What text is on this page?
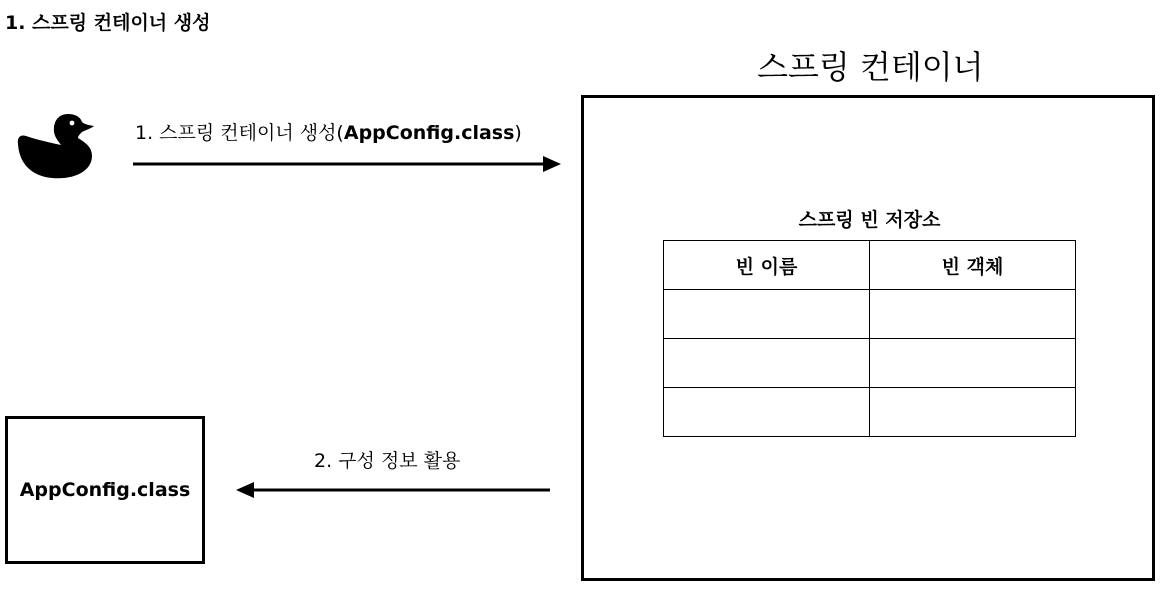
1. 스프링 컨테이너 생성
1. 스프링 컨테이너 생성(AppConfig.class)
스프링 컨테이너
스프링 빈 저장소
빈 이름	빈 객체

2. 구성 정보 활용
AppConfig.class
